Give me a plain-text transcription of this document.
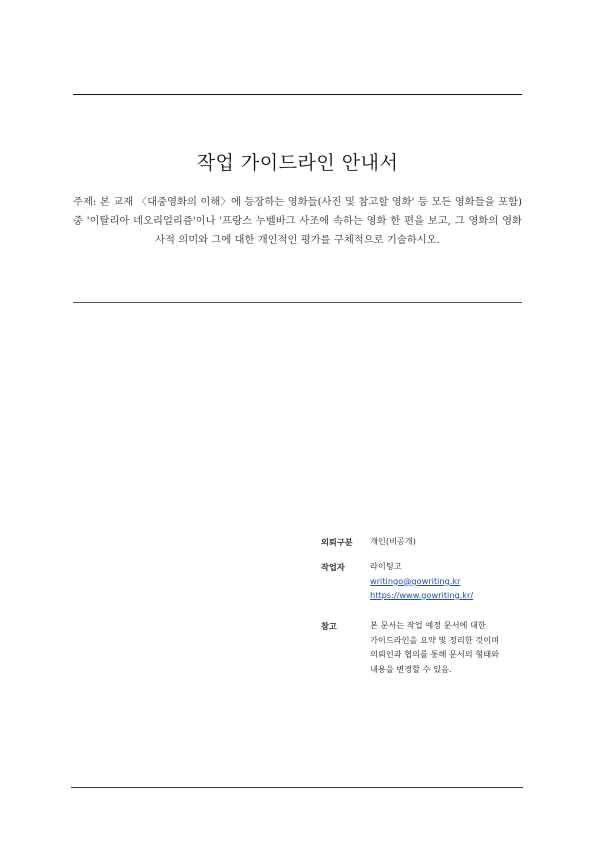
작업 가이드라인 안내서

주제: 본 교재 〈대중영화의 이해〉에 등장하는 영화들(사진 및 참고할 영화' 등 모든 영화들을 포함) 중 '이탈리아 네오리얼리즘'이나 '프랑스 누벨바그 사조에 속하는 영화 한 편을 보고, 그 영화의 영화사적 의미와 그에 대한 개인적인 평가를 구체적으로 기술하시오.

의뢰구분 개인(비공개)
작업자	라이팅고
writingo@gowriting.kr
https://www.gowriting.kr/
참고	본 문서는 작업 예정 문서에 대한
가이드라인을 요약 및 정리한 것이며
의뢰인과 협의를 통해 문서의 형태와
내용을 변경할 수 있음.
